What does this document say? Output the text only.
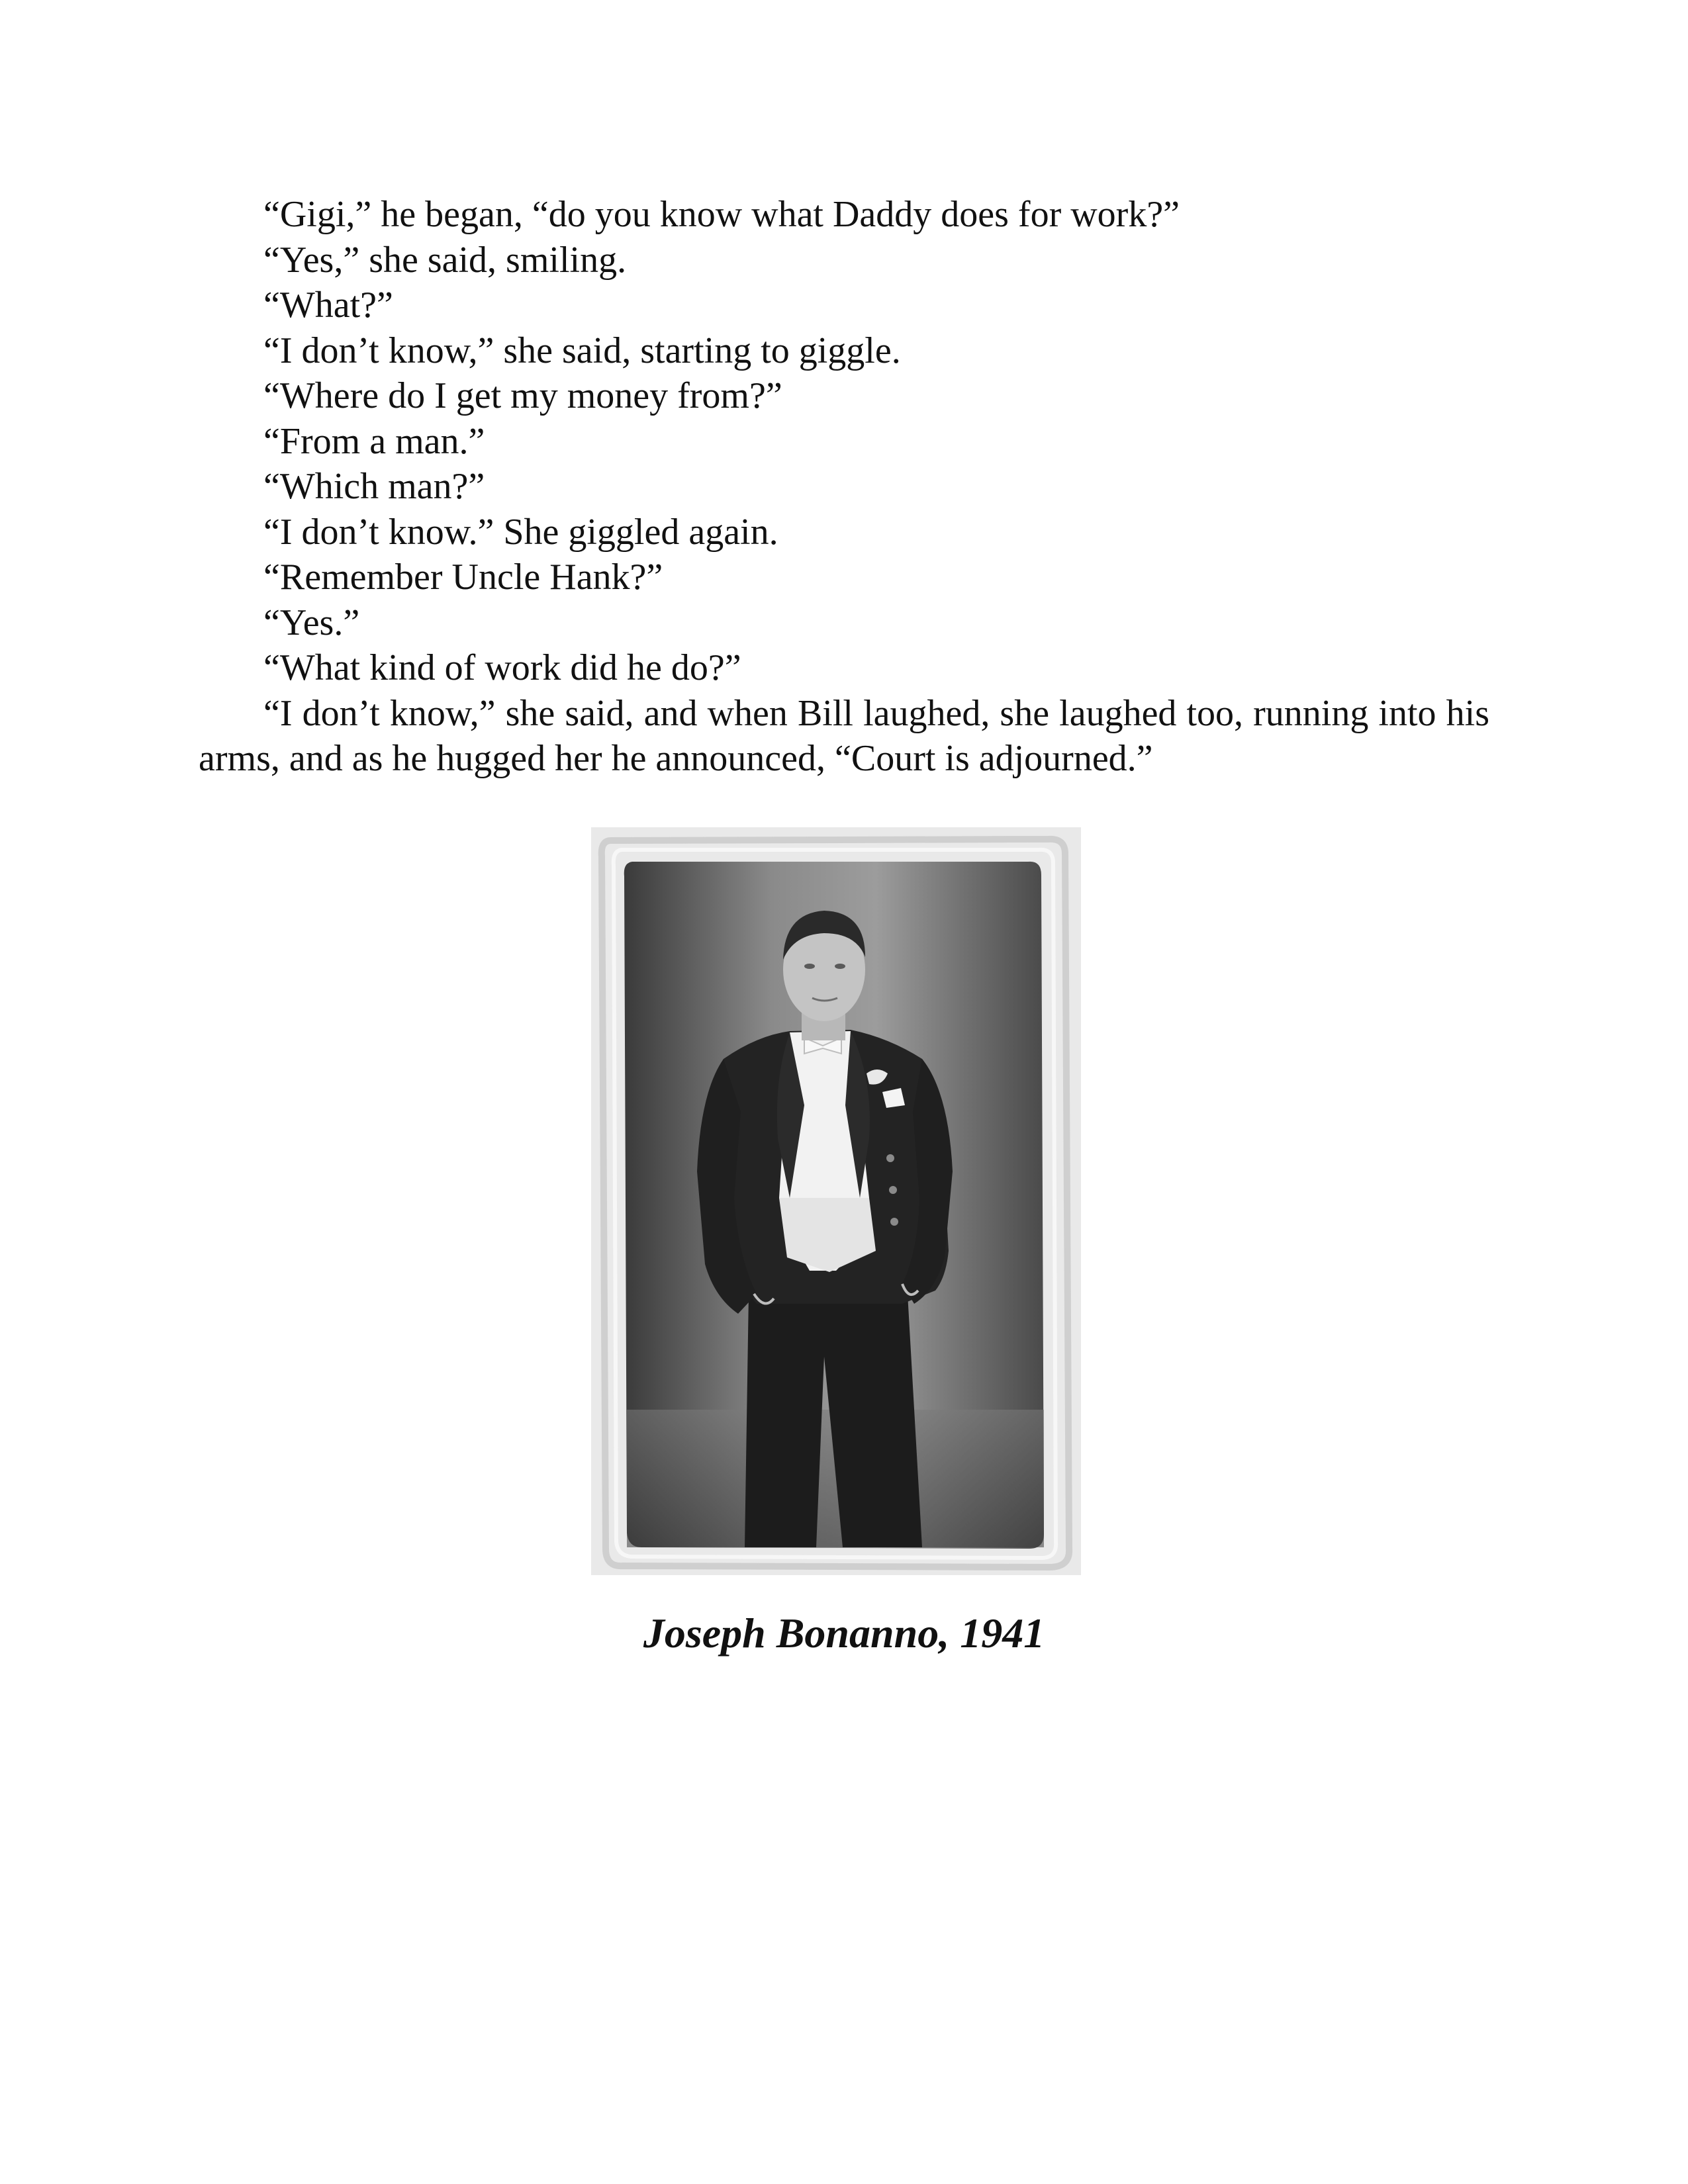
“Gigi,” he began, “do you know what Daddy does for work?”

“Yes,” she said, smiling.

“What?”

“I don’t know,” she said, starting to giggle.

“Where do I get my money from?”

“From a man.”

“Which man?”

“I don’t know.” She giggled again.

“Remember Uncle Hank?”

“Yes.”

“What kind of work did he do?”

“I don’t know,” she said, and when Bill laughed, she laughed too, running into his arms, and as he hugged her he announced, “Court is adjourned.”

Joseph Bonanno, 1941
